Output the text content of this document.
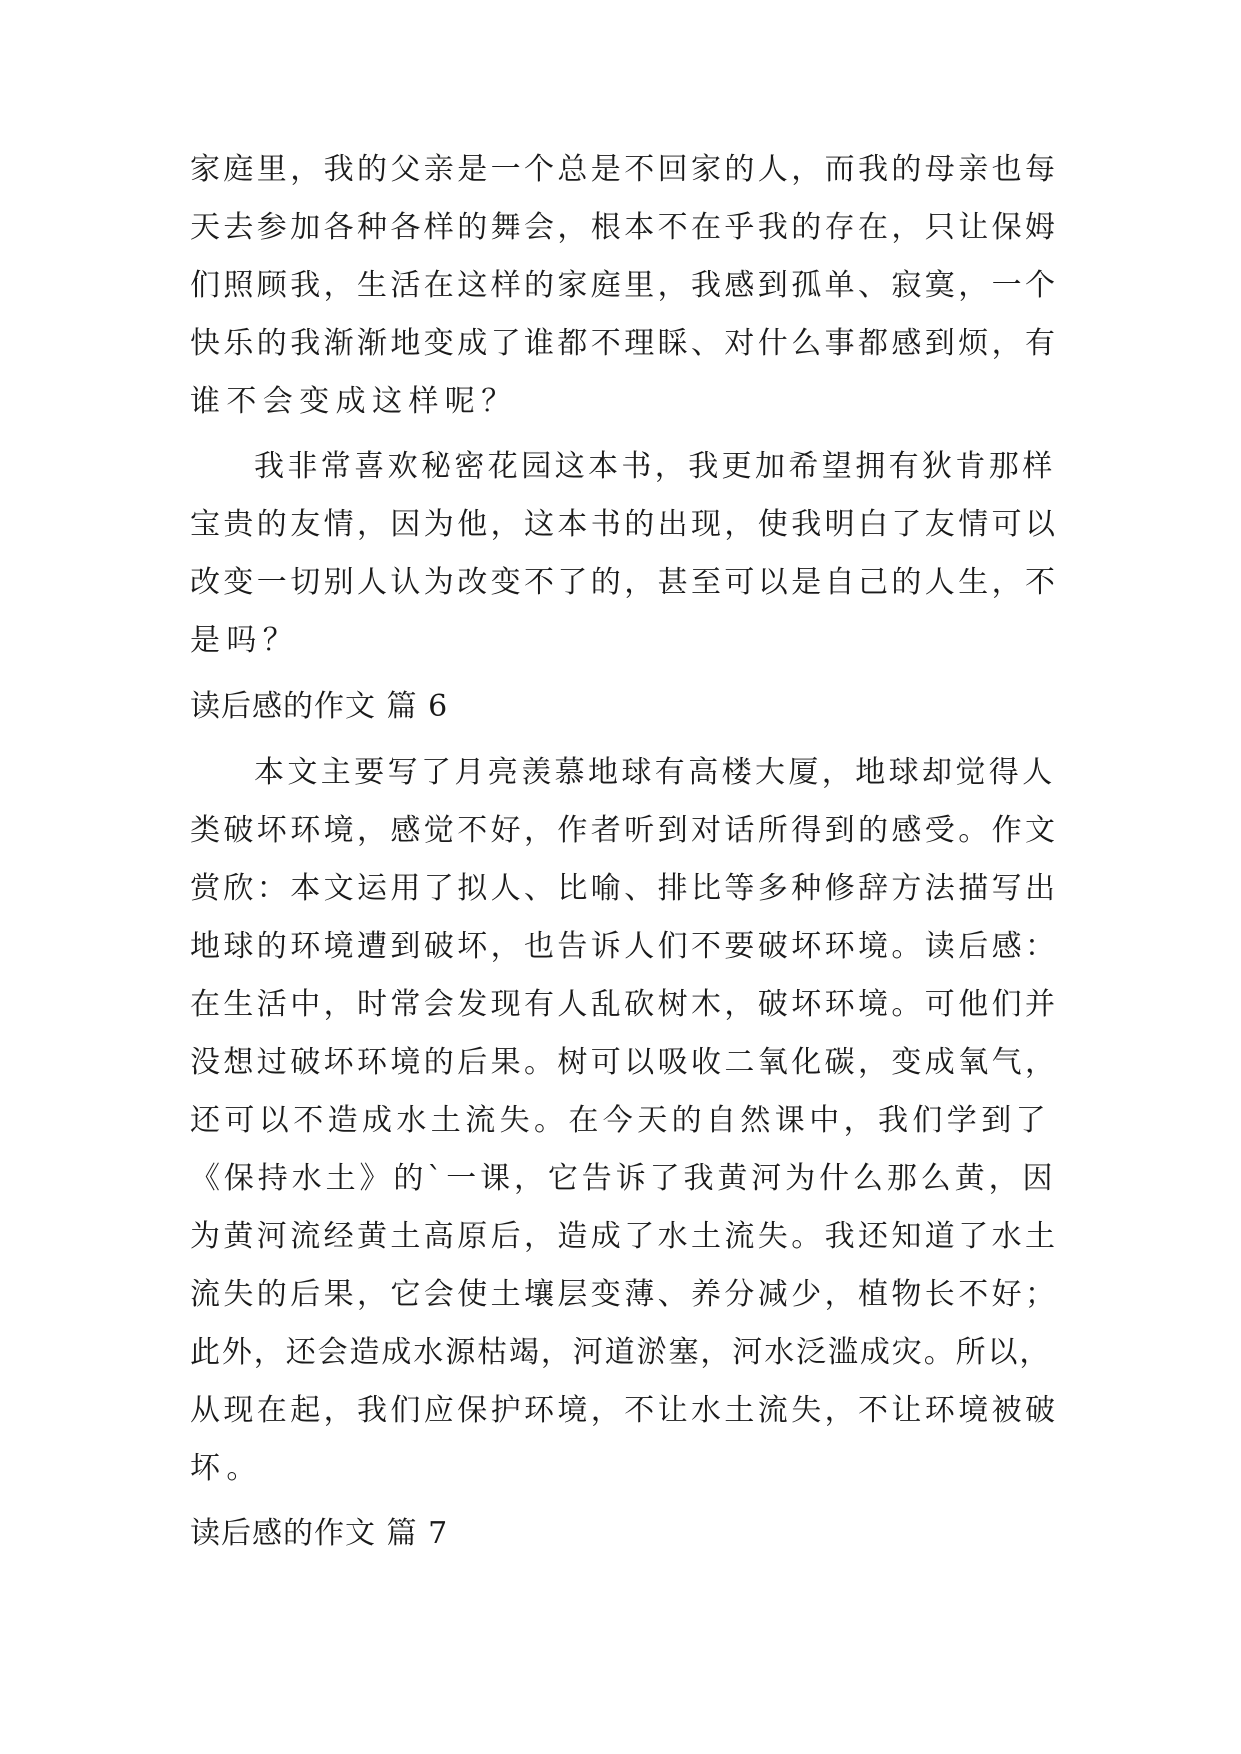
家庭里，我的父亲是一个总是不回家的人，而我的母亲也每
天去参加各种各样的舞会，根本不在乎我的存在，只让保姆
们照顾我，生活在这样的家庭里，我感到孤单、寂寞，一个
快乐的我渐渐地变成了谁都不理睬、对什么事都感到烦，有
谁不会变成这样呢？
我非常喜欢秘密花园这本书，我更加希望拥有狄肯那样
宝贵的友情，因为他，这本书的出现，使我明白了友情可以
改变一切别人认为改变不了的，甚至可以是自己的人生，不
是吗？
读后感的作文 篇 6
本文主要写了月亮羡慕地球有高楼大厦，地球却觉得人
类破坏环境，感觉不好，作者听到对话所得到的感受。作文
赏欣：本文运用了拟人、比喻、排比等多种修辞方法描写出
地球的环境遭到破坏，也告诉人们不要破坏环境。读后感：
在生活中，时常会发现有人乱砍树木，破坏环境。可他们并
没想过破坏环境的后果。树可以吸收二氧化碳，变成氧气，
还可以不造成水土流失。在今天的自然课中，我们学到了
《保持水土》的`一课，它告诉了我黄河为什么那么黄，因
为黄河流经黄土高原后，造成了水土流失。我还知道了水土
流失的后果，它会使土壤层变薄、养分减少，植物长不好；
此外，还会造成水源枯竭，河道淤塞，河水泛滥成灾。所以，
从现在起，我们应保护环境，不让水土流失，不让环境被破
坏。
读后感的作文 篇 7
